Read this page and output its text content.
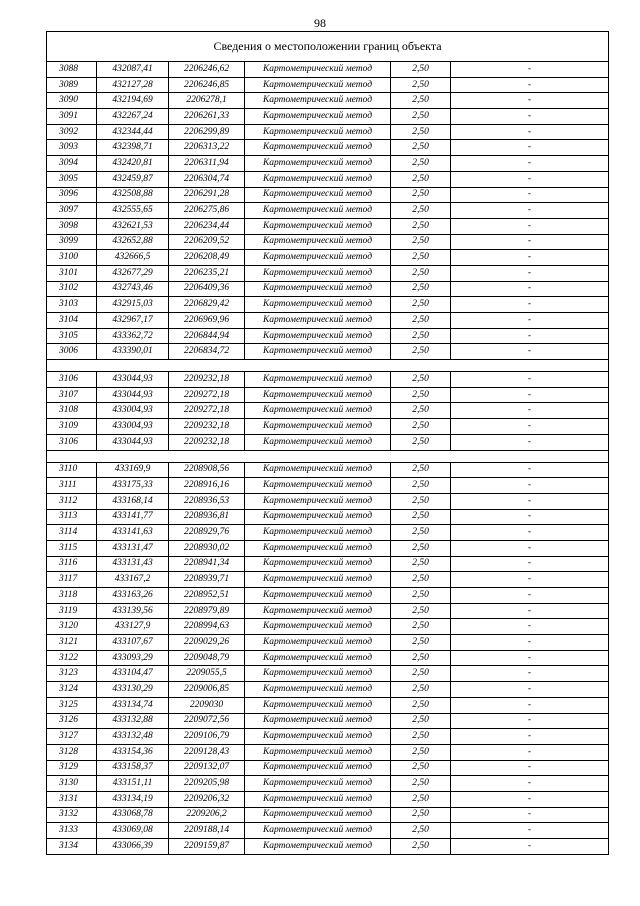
98
Сведения о местоположении границ объекта					
3088	432087,41	2206246,62	Картометрический метод	2,50	-
3089	432127,28	2206246,85	Картометрический метод	2,50	-
3090	432194,69	2206278,1	Картометрический метод	2,50	-
3091	432267,24	2206261,33	Картометрический метод	2,50	-
3092	432344,44	2206299,89	Картометрический метод	2,50	-
3093	432398,71	2206313,22	Картометрический метод	2,50	-
3094	432420,81	2206311,94	Картометрический метод	2,50	-
3095	432459,87	2206304,74	Картометрический метод	2,50	-
3096	432508,88	2206291,28	Картометрический метод	2,50	-
3097	432555,65	2206275,86	Картометрический метод	2,50	-
3098	432621,53	2206234,44	Картометрический метод	2,50	-
3099	432652,88	2206209,52	Картометрический метод	2,50	-
3100	432666,5	2206208,49	Картометрический метод	2,50	-
3101	432677,29	2206235,21	Картометрический метод	2,50	-
3102	432743,46	2206409,36	Картометрический метод	2,50	-
3103	432915,03	2206829,42	Картометрический метод	2,50	-
3104	432967,17	2206969,96	Картометрический метод	2,50	-
3105	433362,72	2206844,94	Картометрический метод	2,50	-
3006	433390,01	2206834,72	Картометрический метод	2,50	-

3106	433044,93	2209232,18	Картометрический метод	2,50	-
3107	433044,93	2209272,18	Картометрический метод	2,50	-
3108	433004,93	2209272,18	Картометрический метод	2,50	-
3109	433004,93	2209232,18	Картометрический метод	2,50	-
3106	433044,93	2209232,18	Картометрический метод	2,50	-

3110	433169,9	2208908,56	Картометрический метод	2,50	-
3111	433175,33	2208916,16	Картометрический метод	2,50	-
3112	433168,14	2208936,53	Картометрический метод	2,50	-
3113	433141,77	2208936,81	Картометрический метод	2,50	-
3114	433141,63	2208929,76	Картометрический метод	2,50	-
3115	433131,47	2208930,02	Картометрический метод	2,50	-
3116	433131,43	2208941,34	Картометрический метод	2,50	-
3117	433167,2	2208939,71	Картометрический метод	2,50	-
3118	433163,26	2208952,51	Картометрический метод	2,50	-
3119	433139,56	2208979,89	Картометрический метод	2,50	-
3120	433127,9	2208994,63	Картометрический метод	2,50	-
3121	433107,67	2209029,26	Картометрический метод	2,50	-
3122	433093,29	2209048,79	Картометрический метод	2,50	-
3123	433104,47	2209055,5	Картометрический метод	2,50	-
3124	433130,29	2209006,85	Картометрический метод	2,50	-
3125	433134,74	2209030	Картометрический метод	2,50	-
3126	433132,88	2209072,56	Картометрический метод	2,50	-
3127	433132,48	2209106,79	Картометрический метод	2,50	-
3128	433154,36	2209128,43	Картометрический метод	2,50	-
3129	433158,37	2209132,07	Картометрический метод	2,50	-
3130	433151,11	2209205,98	Картометрический метод	2,50	-
3131	433134,19	2209206,32	Картометрический метод	2,50	-
3132	433068,78	2209206,2	Картометрический метод	2,50	-
3133	433069,08	2209188,14	Картометрический метод	2,50	-
3134	433066,39	2209159,87	Картометрический метод	2,50	-
